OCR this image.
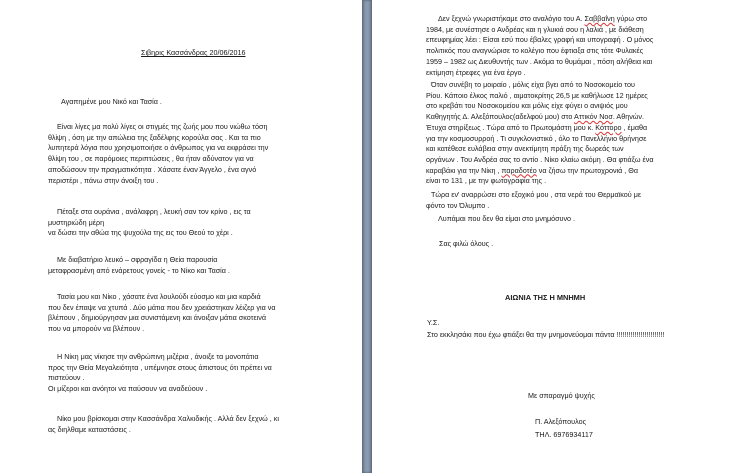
Σιβηρις Κασσάνδρας 20/06/2016

Αγαπημένε μου Νικό και Τασία .
Είναι λίγες μα πολύ λίγες οι στιγμές της ζωής μου που νιώθω τόση
θλίψη , όση με την απώλεια της ξαδέλφης κορούλα σας . Και τα πιο
λυπητερά λόγια που χρησιμοποιήσε ο άνθρωπος για να εκφράσει την
θλίψη του , σε παρόμοιες περιπτώσεις , θα ήταν αδύνατον για να
αποδώσουν την πραγματικότητα . Χάσατε έναν Άγγελο , ένα αγνό
περιστέρι , πάνω στην άνοιξη του .
Πέταξε στα ουράνια , ανάλαφρη , λευκή σαν τον κρίνο , εις τα
μυστηριώδη μέρη
να δώσει την αθώα της ψυχούλα της εις του Θεού το χέρι .
Με διαβατήριο λευκό – σφραγίδα η Θεία παρουσία
μεταφρασμένη από ενάρετους γονείς - το Νίκο και Τασία .
Τασία μου και Νίκο , χάσατε ένα λουλούδι εύοσμο και μια καρδιά
που δεν έπαψε να χτυπά . Δύο μάτια που δεν χρειάστηκαν λέιζερ για να
βλέπουν , δημιούργησαν μια συνιστάμενη και άνοιξαν μάτια σκοτεινά
που να μπορούν να βλέπουν .
Η Νίκη μας νίκησε την ανθρώπινη μιζέρια , άνοιξε τα μονοπάτια
προς την Θεία Μεγαλειότητα , υπέμνησε στους άπιστους ότι πρέπει να
πιστεύουν .
Οι μίζεροι και ανόητοι να παύσουν να αναδεύουν .
Νίκο μου βρίσκομαι στην Κασσάνδρα Χαλκιδικής . Αλλά δεν ξεχνώ , κι
ας διηλθαμε καταστάσεις .
Δεν ξεχνώ γνωριστήκαμε στο αναλόγιο του Α. Σαββαΐνη γύρω στο
1984, με συνέστησε ο Ανδρέας και η γλυκιά σου η λαλιά , με διάθεση
επευφημίας λέει : Είσαι εσύ που έβαλες γραφή και υπογραφή . Ο μόνος
πολιτικός που αναγνώρισε το κολέγιο που έφτιαξα στις τότε Φυλακές
1959 – 1982 ως Διευθυντής των . Ακόμα το θυμάμαι , πόση αλήθεια και
εκτίμηση έτρεφες για ένα έργο .
Όταν συνέβη το μοιραίο , μόλις είχα βγει από το Νοσοκομείο του
Ρίου. Κάποιο έλκος παλιό , αιματοκρίτης 26,5 με καθήλωσε 12 ημέρες
στο κρεβάτι του Νοσοκομείου και μόλις είχε φύγει ο ανιψιός μου
Καθηγητής Δ. Αλεξόπουλος(αδελφού μου) στο Αττικόν Νοσ. Αθηνών.
Έτυχα στηρίξεως . Τώρα από το Πρωτομάστη μου κ. Κόττορο , έμαθα
για την κοσμοσυρροή . Τι συγκλονιστικό , όλο το Πανελλήνιο θρήνησε
και κατέθεσε ευλάβεια στην ανεκτίμητη πράξη της δωρεάς των
οργάνων . Του Ανδρέα σας το αντίο . Νίκο κλαίω ακόμη . Θα φτιάξω ένα
καραβάκι για την Νίκη , παραδοτέο να ζήσω την πρωτοχρονιά , Θα
είναι το 131 , με την φωτογραφία της .
Τώρα εν' αναρρώσει στο εξοχικό μου , στα νερά του Θερμαϊκού με
φόντο τον Όλυμπο .

Λυπάμαι που δεν θα είμαι στο μνημόσυνο .

Σας φιλώ όλους .

ΑΙΩΝΙΑ ΤΗΣ Η ΜΝΗΜΗ

Υ.Σ.

Στο εκκλησάκι που έχω φτιάξει θα την μνημονεύομαι πάντα !!!!!!!!!!!!!!!!!!!!!!!!

Με σπαραγμό ψυχής

Π. Αλεξόπουλος

ΤΗΛ. 6976934117
